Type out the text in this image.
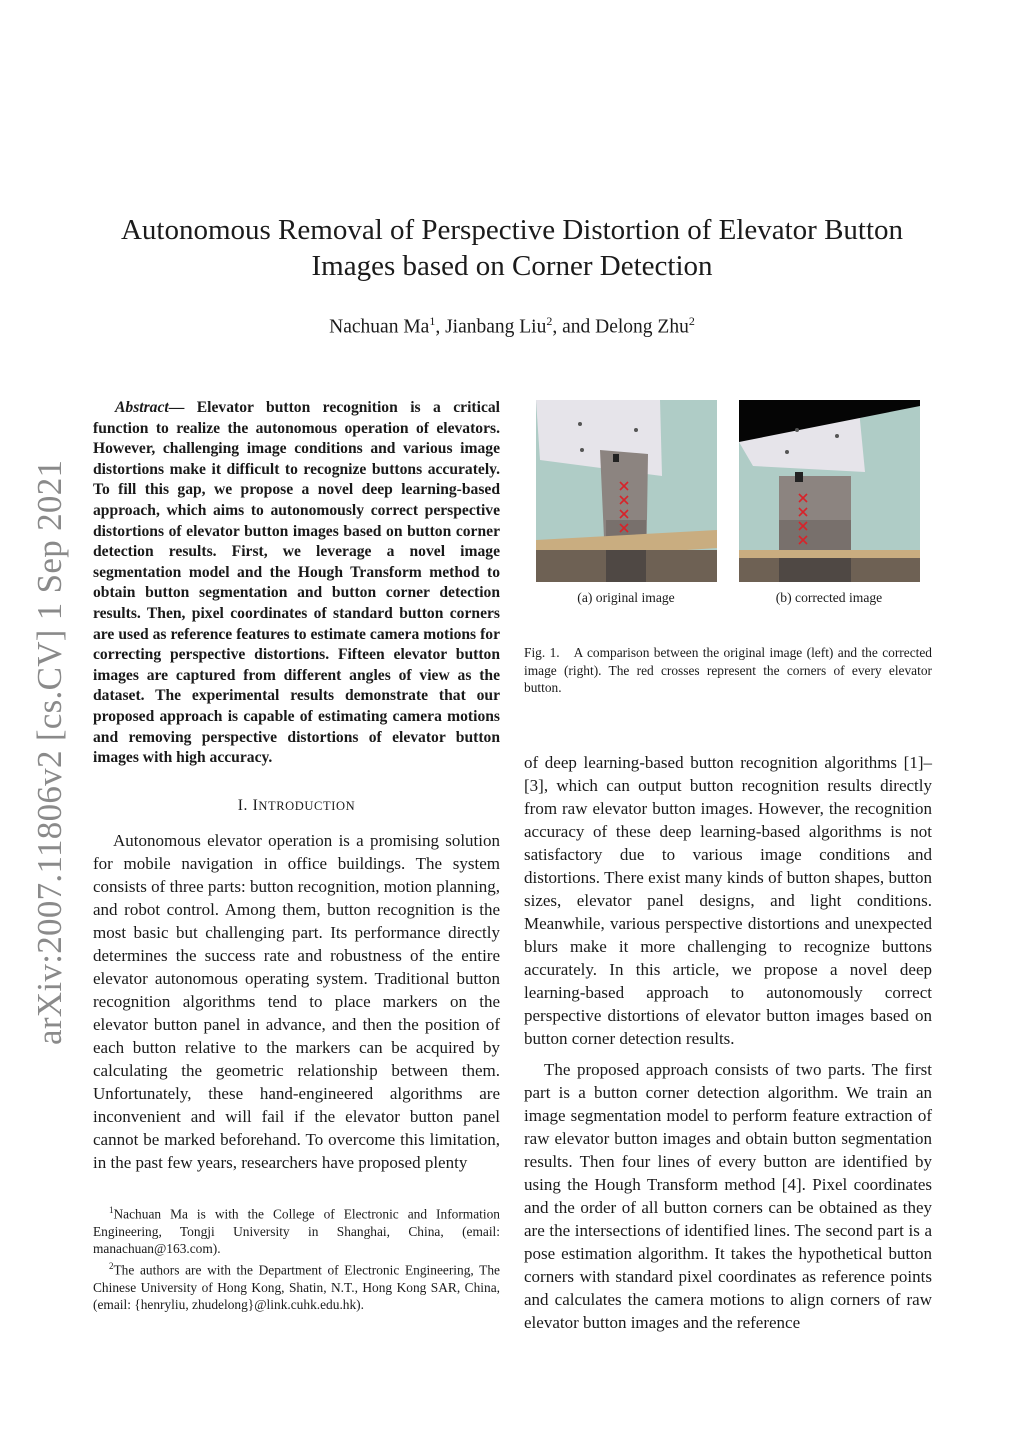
arXiv:2007.11806v2 [cs.CV] 1 Sep 2021
Autonomous Removal of Perspective Distortion of Elevator Button Images based on Corner Detection
Nachuan Ma$^1$, Jianbang Liu$^2$, and Delong Zhu$^2$

Abstract— Elevator button recognition is a critical function to realize the autonomous operation of elevators. However, challenging image conditions and various image distortions make it difficult to recognize buttons accurately. To fill this gap, we propose a novel deep learning-based approach, which aims to autonomously correct perspective distortions of elevator button images based on button corner detection results. First, we leverage a novel image segmentation model and the Hough Transform method to obtain button segmentation and button corner detection results. Then, pixel coordinates of standard button corners are used as reference features to estimate camera motions for correcting perspective distortions. Fifteen elevator button images are captured from different angles of view as the dataset. The experimental results demonstrate that our proposed approach is capable of estimating camera motions and removing perspective distortions of elevator button images with high accuracy.

I. INTRODUCTION

Autonomous elevator operation is a promising solution for mobile navigation in office buildings. The system consists of three parts: button recognition, motion planning, and robot control. Among them, button recognition is the most basic but challenging part. Its performance directly determines the success rate and robustness of the entire elevator autonomous operating system. Traditional button recognition algorithms tend to place markers on the elevator button panel in advance, and then the position of each button relative to the markers can be acquired by calculating the geometric relationship between them. Unfortunately, these hand-engineered algorithms are inconvenient and will fail if the elevator button panel cannot be marked beforehand. To overcome this limitation, in the past few years, researchers have proposed plenty

$^1$Nachuan Ma is with the College of Electronic and Information Engineering, Tongji University in Shanghai, China, (email: manachuan@163.com).

$^2$The authors are with the Department of Electronic Engineering, The Chinese University of Hong Kong, Shatin, N.T., Hong Kong SAR, China, (email: {henryliu, zhudelong}@link.cuhk.edu.hk).

(a) original image	(b) corrected image

Fig. 1. A comparison between the original image (left) and the corrected image (right). The red crosses represent the corners of every elevator button.

of deep learning-based button recognition algorithms [1]–[3], which can output button recognition results directly from raw elevator button images. However, the recognition accuracy of these deep learning-based algorithms is not satisfactory due to various image conditions and distortions. There exist many kinds of button shapes, button sizes, elevator panel designs, and light conditions. Meanwhile, various perspective distortions and unexpected blurs make it more challenging to recognize buttons accurately. In this article, we propose a novel deep learning-based approach to autonomously correct perspective distortions of elevator button images based on button corner detection results.

The proposed approach consists of two parts. The first part is a button corner detection algorithm. We train an image segmentation model to perform feature extraction of raw elevator button images and obtain button segmentation results. Then four lines of every button are identified by using the Hough Transform method [4]. Pixel coordinates and the order of all button corners can be obtained as they are the intersections of identified lines. The second part is a pose estimation algorithm. It takes the hypothetical button corners with standard pixel coordinates as reference points and calculates the camera motions to align corners of raw elevator button images and the reference
